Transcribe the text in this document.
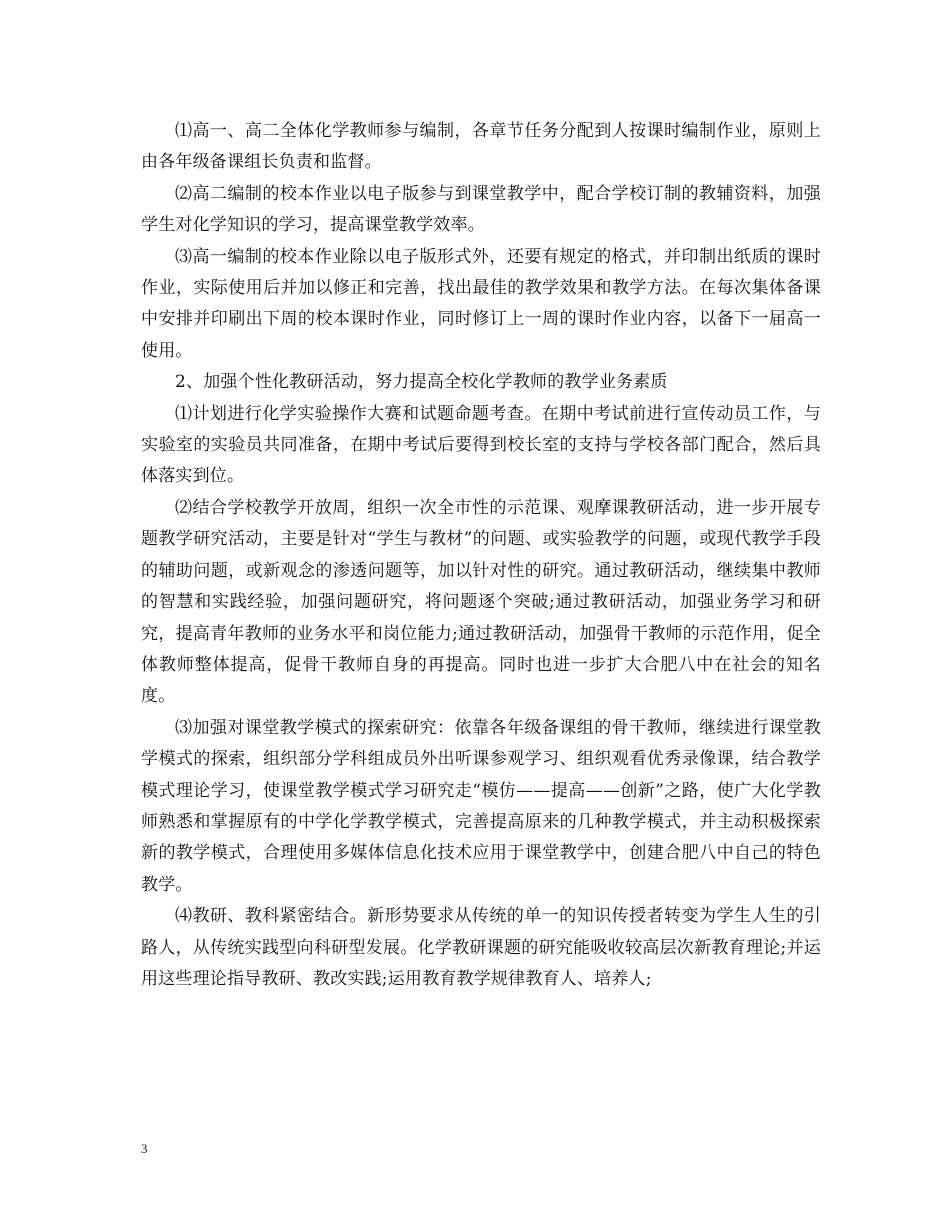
⑴高一、高二全体化学教师参与编制，各章节任务分配到人按课时编制作业，原则上由各年级备课组长负责和监督。

⑵高二编制的校本作业以电子版参与到课堂教学中，配合学校订制的教辅资料，加强学生对化学知识的学习，提高课堂教学效率。

⑶高一编制的校本作业除以电子版形式外，还要有规定的格式，并印制出纸质的课时作业，实际使用后并加以修正和完善，找出最佳的教学效果和教学方法。在每次集体备课中安排并印刷出下周的校本课时作业，同时修订上一周的课时作业内容，以备下一届高一使用。

2、加强个性化教研活动，努力提高全校化学教师的教学业务素质

⑴计划进行化学实验操作大赛和试题命题考查。在期中考试前进行宣传动员工作，与实验室的实验员共同准备，在期中考试后要得到校长室的支持与学校各部门配合，然后具体落实到位。

⑵结合学校教学开放周，组织一次全市性的示范课、观摩课教研活动，进一步开展专题教学研究活动，主要是针对“学生与教材”的问题、或实验教学的问题，或现代教学手段的辅助问题，或新观念的渗透问题等，加以针对性的研究。通过教研活动，继续集中教师的智慧和实践经验，加强问题研究，将问题逐个突破;通过教研活动，加强业务学习和研究，提高青年教师的业务水平和岗位能力;通过教研活动，加强骨干教师的示范作用，促全体教师整体提高，促骨干教师自身的再提高。同时也进一步扩大合肥八中在社会的知名度。

⑶加强对课堂教学模式的探索研究：依靠各年级备课组的骨干教师，继续进行课堂教学模式的探索，组织部分学科组成员外出听课参观学习、组织观看优秀录像课，结合教学模式理论学习，使课堂教学模式学习研究走“模仿——提高——创新”之路，使广大化学教师熟悉和掌握原有的中学化学教学模式，完善提高原来的几种教学模式，并主动积极探索新的教学模式，合理使用多媒体信息化技术应用于课堂教学中，创建合肥八中自己的特色教学。

⑷教研、教科紧密结合。新形势要求从传统的单一的知识传授者转变为学生人生的引路人，从传统实践型向科研型发展。化学教研课题的研究能吸收较高层次新教育理论;并运用这些理论指导教研、教改实践;运用教育教学规律教育人、培养人;

3
